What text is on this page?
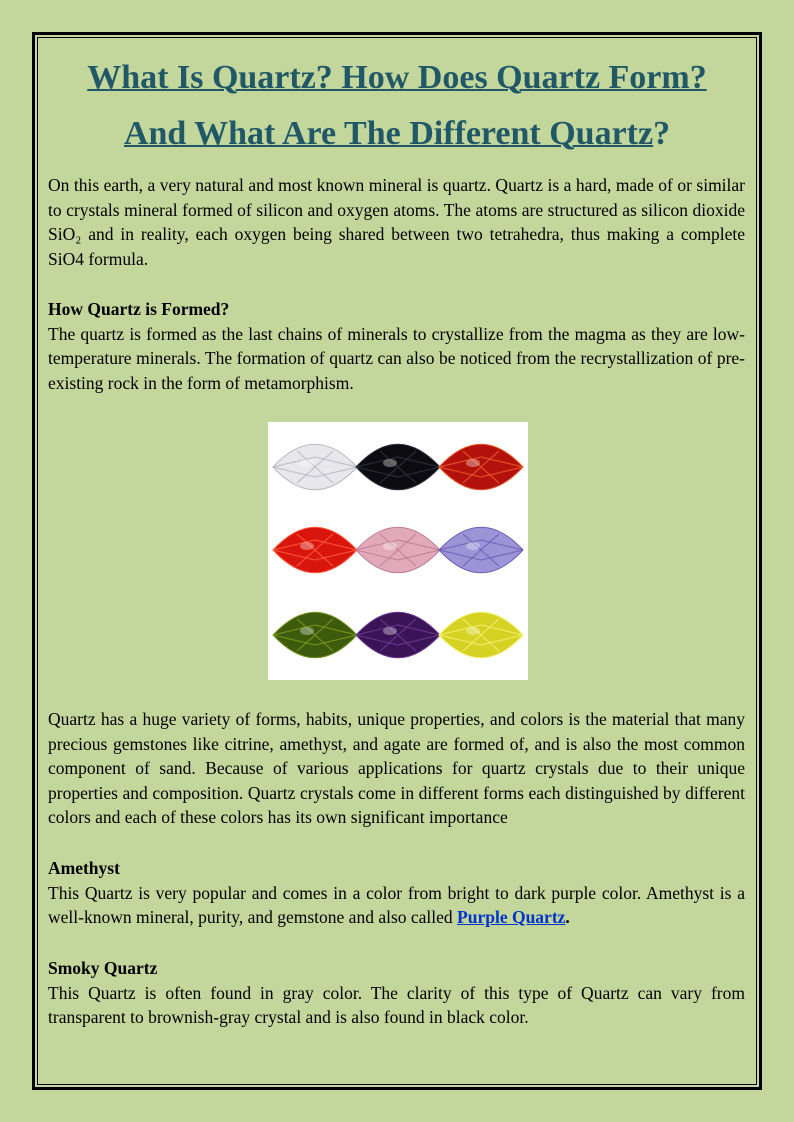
What Is Quartz? How Does Quartz Form?
And What Are The Different Quartz?

On this earth, a very natural and most known mineral is quartz. Quartz is a hard, made of or similar to crystals mineral formed of silicon and oxygen atoms. The atoms are structured as silicon dioxide SiO₂ and in reality, each oxygen being shared between two tetrahedra, thus making a complete SiO4 formula.

How Quartz is Formed?
The quartz is formed as the last chains of minerals to crystallize from the magma as they are low-temperature minerals. The formation of quartz can also be noticed from the recrystallization of pre-existing rock in the form of metamorphism.

Quartz has a huge variety of forms, habits, unique properties, and colors is the material that many precious gemstones like citrine, amethyst, and agate are formed of, and is also the most common component of sand. Because of various applications for quartz crystals due to their unique properties and composition. Quartz crystals come in different forms each distinguished by different colors and each of these colors has its own significant importance

Amethyst
This Quartz is very popular and comes in a color from bright to dark purple color. Amethyst is a well-known mineral, purity, and gemstone and also called Purple Quartz.

Smoky Quartz
This Quartz is often found in gray color. The clarity of this type of Quartz can vary from transparent to brownish-gray crystal and is also found in black color.
